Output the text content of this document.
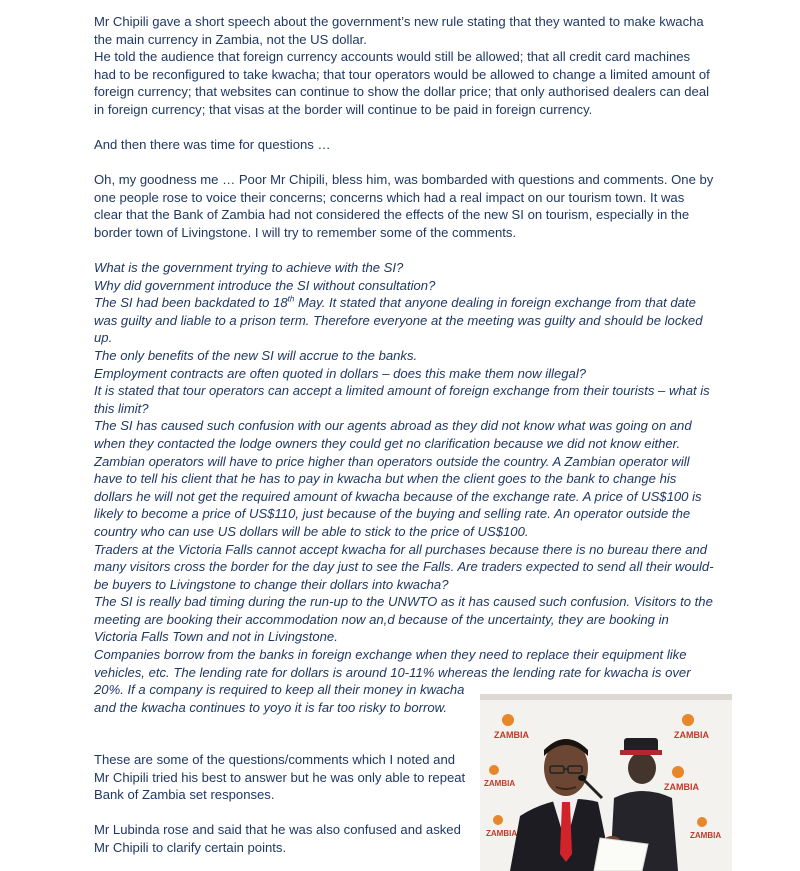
Mr Chipili gave a short speech about the government’s new rule stating that they wanted to make kwacha the main currency in Zambia, not the US dollar.

He told the audience that foreign currency accounts would still be allowed; that all credit card machines had to be reconfigured to take kwacha; that tour operators would be allowed to change a limited amount of foreign currency; that websites can continue to show the dollar price; that only authorised dealers can deal in foreign currency; that visas at the border will continue to be paid in foreign currency.

And then there was time for questions …

Oh, my goodness me … Poor Mr Chipili, bless him, was bombarded with questions and comments. One by one people rose to voice their concerns; concerns which had a real impact on our tourism town. It was clear that the Bank of Zambia had not considered the effects of the new SI on tourism, especially in the border town of Livingstone. I will try to remember some of the comments.

What is the government trying to achieve with the SI?

Why did government introduce the SI without consultation?

The SI had been backdated to 18th May. It stated that anyone dealing in foreign exchange from that date was guilty and liable to a prison term. Therefore everyone at the meeting was guilty and should be locked up.

The only benefits of the new SI will accrue to the banks.

Employment contracts are often quoted in dollars – does this make them now illegal?

It is stated that tour operators can accept a limited amount of foreign exchange from their tourists – what is this limit?

The SI has caused such confusion with our agents abroad as they did not know what was going on and when they contacted the lodge owners they could get no clarification because we did not know either.

Zambian operators will have to price higher than operators outside the country. A Zambian operator will have to tell his client that he has to pay in kwacha but when the client goes to the bank to change his dollars he will not get the required amount of kwacha because of the exchange rate. A price of US$100 is likely to become a price of US$110, just because of the buying and selling rate. An operator outside the country who can use US dollars will be able to stick to the price of US$100.

Traders at the Victoria Falls cannot accept kwacha for all purchases because there is no bureau there and many visitors cross the border for the day just to see the Falls. Are traders expected to send all their would-be buyers to Livingstone to change their dollars into kwacha?

The SI is really bad timing during the run-up to the UNWTO as it has caused such confusion. Visitors to the meeting are booking their accommodation now an,d because of the uncertainty, they are booking in Victoria Falls Town and not in Livingstone.

Companies borrow from the banks in foreign exchange when they need to replace their equipment like vehicles, etc. The lending rate for dollars is around 10-11% whereas the lending rate for kwacha is over

20%. If a company is required to keep all their money in kwacha and the kwacha continues to yoyo it is far too risky to borrow.

These are some of the questions/comments which I noted and Mr Chipili tried his best to answer but he was only able to repeat Bank of Zambia set responses.

Mr Lubinda rose and said that he was also confused and asked Mr Chipili to clarify certain points.

ZAMBIA	ZAMBIA
ZAMBIA	ZAMBIA
ZAMBIA	ZAMBIA
